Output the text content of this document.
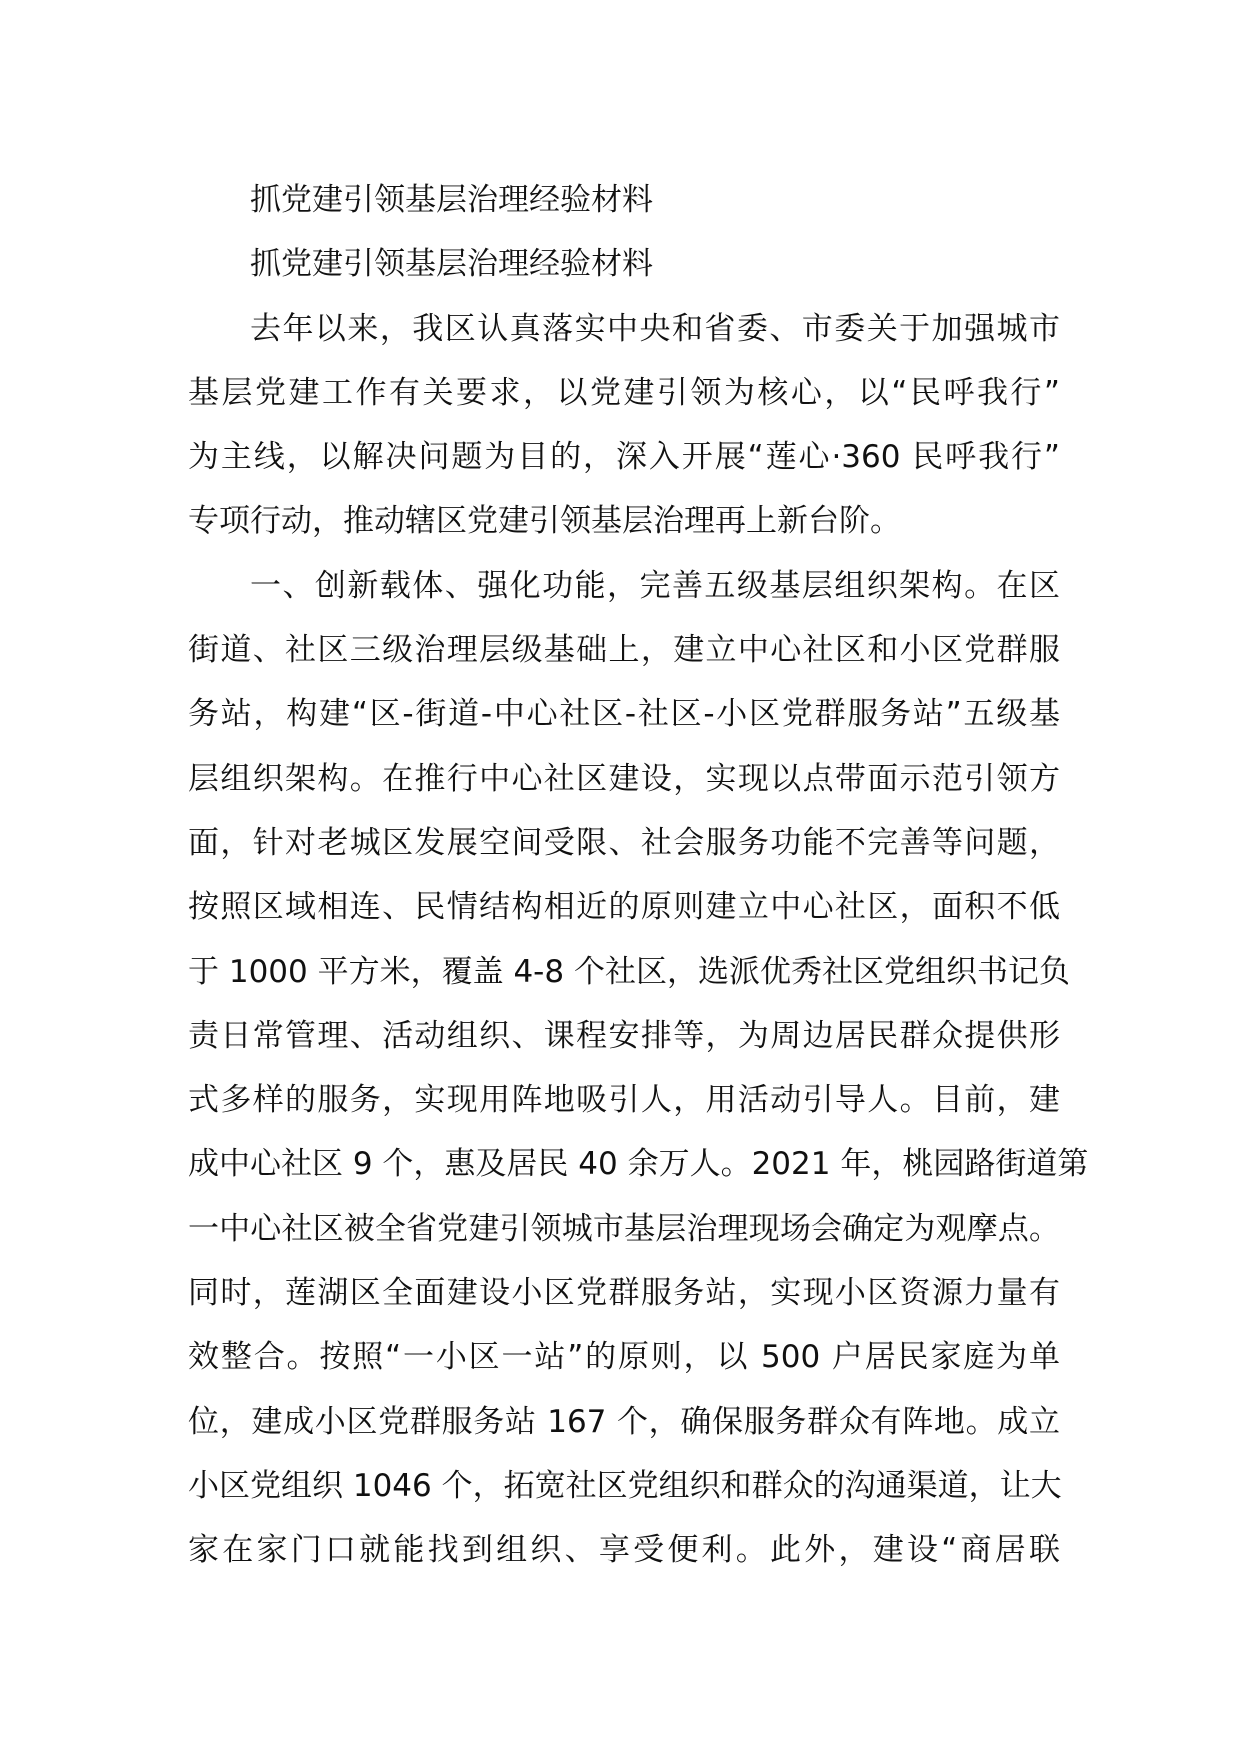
抓党建引领基层治理经验材料
抓党建引领基层治理经验材料
去年以来，我区认真落实中央和省委、市委关于加强城市
基层党建工作有关要求，以党建引领为核心，以“民呼我行”
为主线，以解决问题为目的，深入开展“莲心·360 民呼我行”
专项行动，推动辖区党建引领基层治理再上新台阶。
一、创新载体、强化功能，完善五级基层组织架构。在区
街道、社区三级治理层级基础上，建立中心社区和小区党群服
务站，构建“区-街道-中心社区-社区-小区党群服务站”五级基
层组织架构。在推行中心社区建设，实现以点带面示范引领方
面，针对老城区发展空间受限、社会服务功能不完善等问题，
按照区域相连、民情结构相近的原则建立中心社区，面积不低
于 1000 平方米，覆盖 4-8 个社区，选派优秀社区党组织书记负
责日常管理、活动组织、课程安排等，为周边居民群众提供形
式多样的服务，实现用阵地吸引人，用活动引导人。目前，建
成中心社区 9 个，惠及居民 40 余万人。2021 年，桃园路街道第
一中心社区被全省党建引领城市基层治理现场会确定为观摩点。
同时，莲湖区全面建设小区党群服务站，实现小区资源力量有
效整合。按照“一小区一站”的原则，以 500 户居民家庭为单
位，建成小区党群服务站 167 个，确保服务群众有阵地。成立
小区党组织 1046 个，拓宽社区党组织和群众的沟通渠道，让大
家在家门口就能找到组织、享受便利。此外，建设“商居联
